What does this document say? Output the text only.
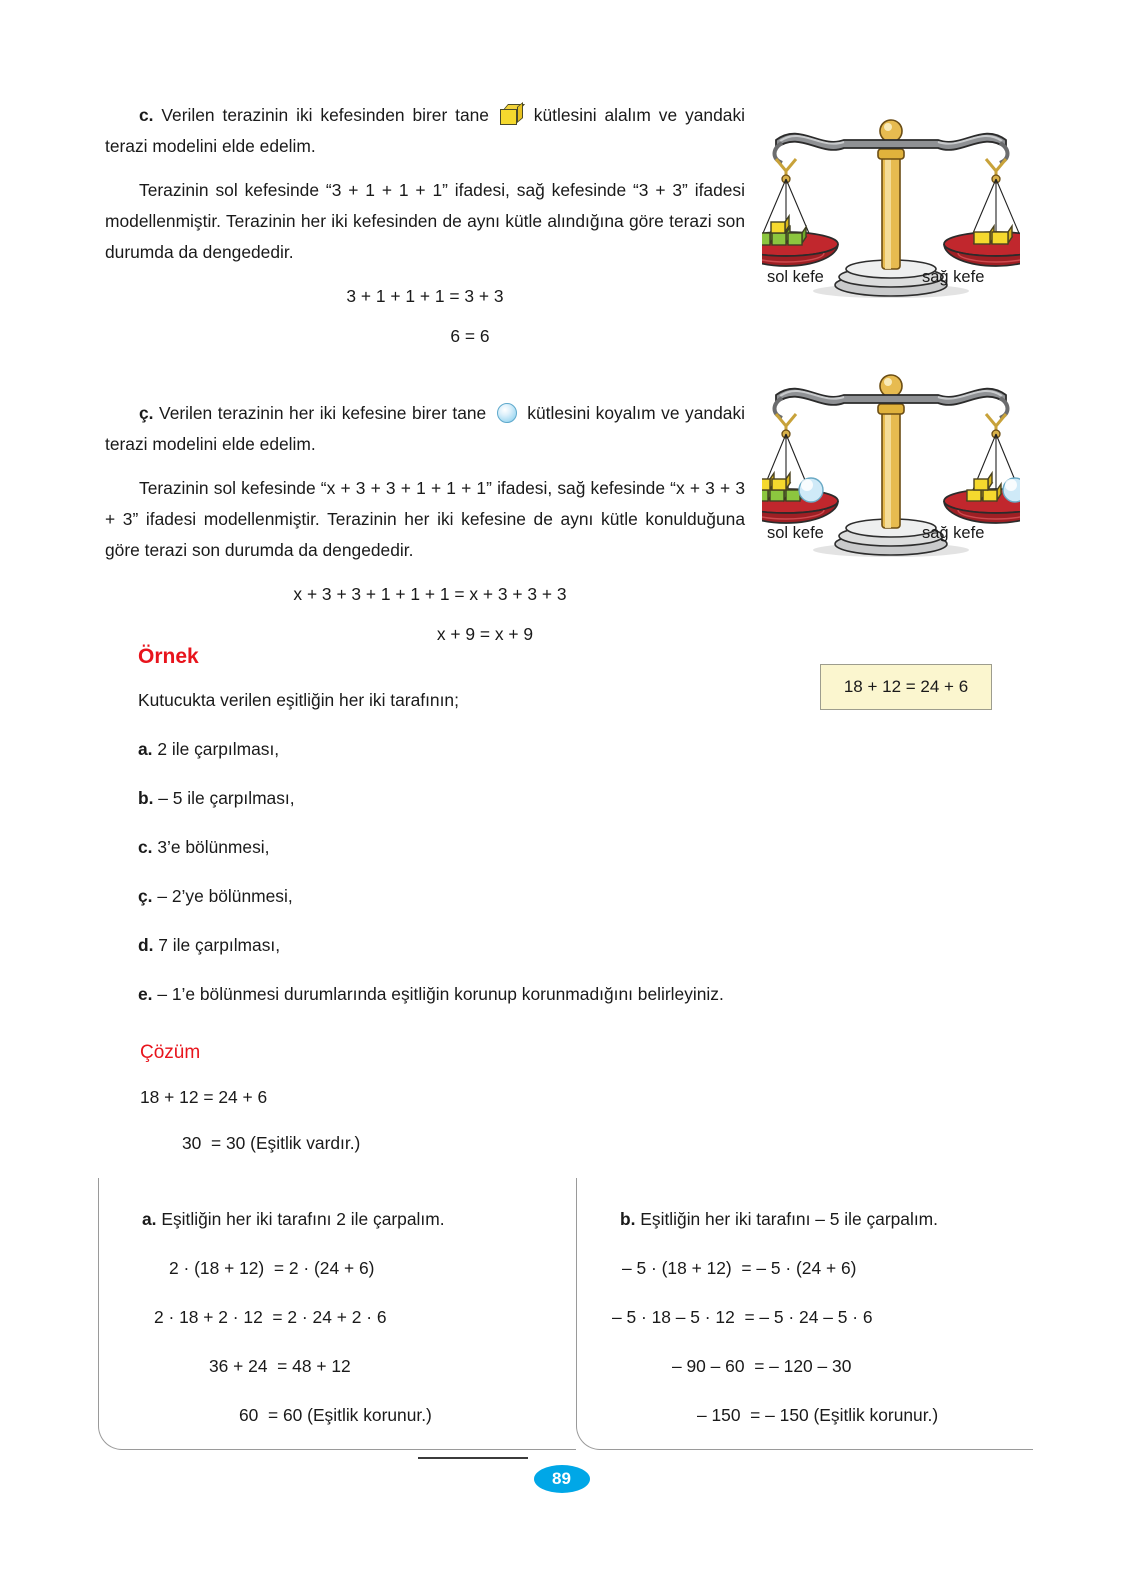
c. Verilen terazinin iki kefesinden birer tane
kütlesini alalım ve yandaki terazi modelini elde edelim.

Terazinin sol kefesinde “3 + 1 + 1 + 1” ifadesi, sağ kefesinde “3 + 3” ifadesi modellenmiştir. Terazinin her iki kefesinden de aynı kütle alındığına göre terazi son durumda da dengededir.

3 + 1 + 1 + 1 = 3 + 3
6 = 6

ç. Verilen terazinin her iki kefesine birer tane  kütlesini koyalım ve yandaki terazi modelini elde edelim.

Terazinin sol kefesinde “x + 3 + 3 + 1 + 1 + 1” ifadesi, sağ kefesinde “x + 3 + 3 + 3” ifadesi modellenmiştir. Terazinin her iki kefesine de aynı kütle konulduğuna göre terazi son durumda da dengededir.

x + 3 + 3 + 1 + 1 + 1 = x + 3 + 3 + 3
x + 9 = x + 9
sol kefe	sağ kefe
sol kefe	sağ kefe
Örnek
18 + 12 = 24 + 6

Kutucukta verilen eşitliğin her iki tarafının;

a. 2 ile çarpılması,

b. – 5 ile çarpılması,

c. 3’e bölünmesi,

ç. – 2’ye bölünmesi,

d. 7 ile çarpılması,

e. – 1’e bölünmesi durumlarında eşitliğin korunup korunmadığını belirleyiniz.

Çözüm
18 + 12 = 24 + 6
30  = 30 (Eşitlik vardır.)
a. Eşitliğin her iki tarafını 2 ile çarpalım.
2 · (18 + 12)  = 2 · (24 + 6)
2 · 18 + 2 · 12  = 2 · 24 + 2 · 6
36 + 24  = 48 + 12
60  = 60 (Eşitlik korunur.)
b. Eşitliğin her iki tarafını – 5 ile çarpalım.
– 5 · (18 + 12)  = – 5 · (24 + 6)
– 5 · 18 – 5 · 12  = – 5 · 24 – 5 · 6
– 90 – 60  = – 120 – 30
– 150  = – 150 (Eşitlik korunur.)
89
